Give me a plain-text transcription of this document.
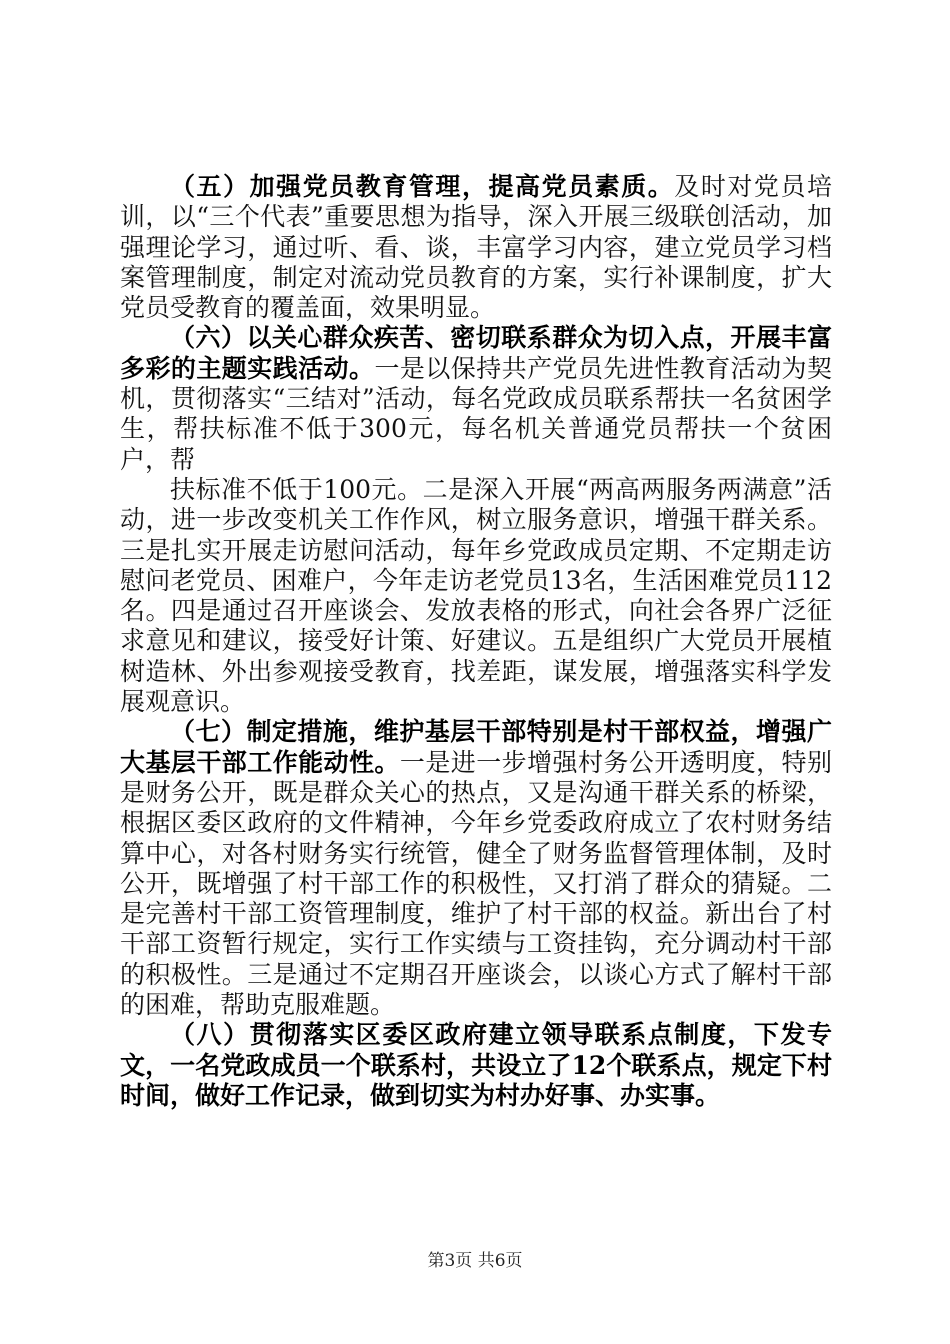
（五）加强党员教育管理，提高党员素质。及时对党员培训，以“三个代表”重要思想为指导，深入开展三级联创活动，加强理论学习，通过听、看、谈，丰富学习内容，建立党员学习档案管理制度，制定对流动党员教育的方案，实行补课制度，扩大党员受教育的覆盖面，效果明显。

（六）以关心群众疾苦、密切联系群众为切入点，开展丰富多彩的主题实践活动。一是以保持共产党员先进性教育活动为契机，贯彻落实“三结对”活动，每名党政成员联系帮扶一名贫困学生，帮扶标准不低于300元，每名机关普通党员帮扶一个贫困户，帮

扶标准不低于100元。二是深入开展“两高两服务两满意”活动，进一步改变机关工作作风，树立服务意识，增强干群关系。三是扎实开展走访慰问活动，每年乡党政成员定期、不定期走访慰问老党员、困难户，今年走访老党员13名，生活困难党员112名。四是通过召开座谈会、发放表格的形式，向社会各界广泛征求意见和建议，接受好计策、好建议。五是组织广大党员开展植树造林、外出参观接受教育，找差距，谋发展，增强落实科学发展观意识。

（七）制定措施，维护基层干部特别是村干部权益，增强广大基层干部工作能动性。一是进一步增强村务公开透明度，特别是财务公开，既是群众关心的热点，又是沟通干群关系的桥梁，根据区委区政府的文件精神，今年乡党委政府成立了农村财务结算中心，对各村财务实行统管，健全了财务监督管理体制，及时公开，既增强了村干部工作的积极性，又打消了群众的猜疑。二是完善村干部工资管理制度，维护了村干部的权益。新出台了村干部工资暂行规定，实行工作实绩与工资挂钩，充分调动村干部的积极性。三是通过不定期召开座谈会，以谈心方式了解村干部的困难，帮助克服难题。

（八）贯彻落实区委区政府建立领导联系点制度，下发专文，一名党政成员一个联系村，共设立了12个联系点，规定下村时间，做好工作记录，做到切实为村办好事、办实事。

第3页 共6页
